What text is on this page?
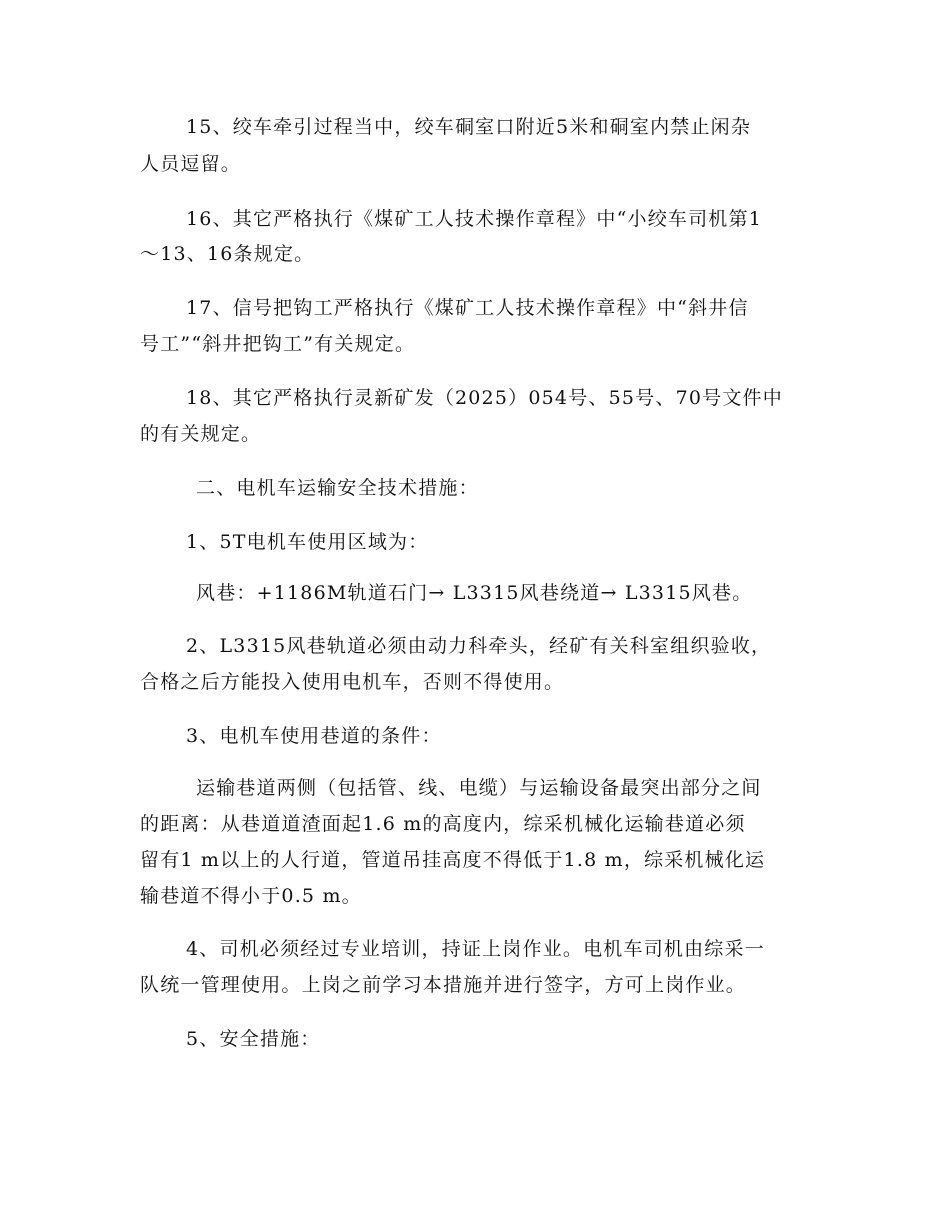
15、绞车牵引过程当中，绞车硐室口附近5米和硐室内禁止闲杂
人员逗留。
16、其它严格执行《煤矿工人技术操作章程》中“小绞车司机第1
～13、16条规定。
17、信号把钩工严格执行《煤矿工人技术操作章程》中“斜井信
号工”“斜井把钩工”有关规定。
18、其它严格执行灵新矿发（2025）054号、55号、70号文件中
的有关规定。
二、电机车运输安全技术措施：
1、5T电机车使用区域为：
风巷：+1186M轨道石门→ L3315风巷绕道→ L3315风巷。
2、L3315风巷轨道必须由动力科牵头，经矿有关科室组织验收，
合格之后方能投入使用电机车，否则不得使用。
3、电机车使用巷道的条件：
运输巷道两侧（包括管、线、电缆）与运输设备最突出部分之间
的距离：从巷道道渣面起1.6 m的高度内，综采机械化运输巷道必须
留有1 m以上的人行道，管道吊挂高度不得低于1.8 m，综采机械化运
输巷道不得小于0.5 m。
4、司机必须经过专业培训，持证上岗作业。电机车司机由综采一
队统一管理使用。上岗之前学习本措施并进行签字，方可上岗作业。
5、安全措施：
